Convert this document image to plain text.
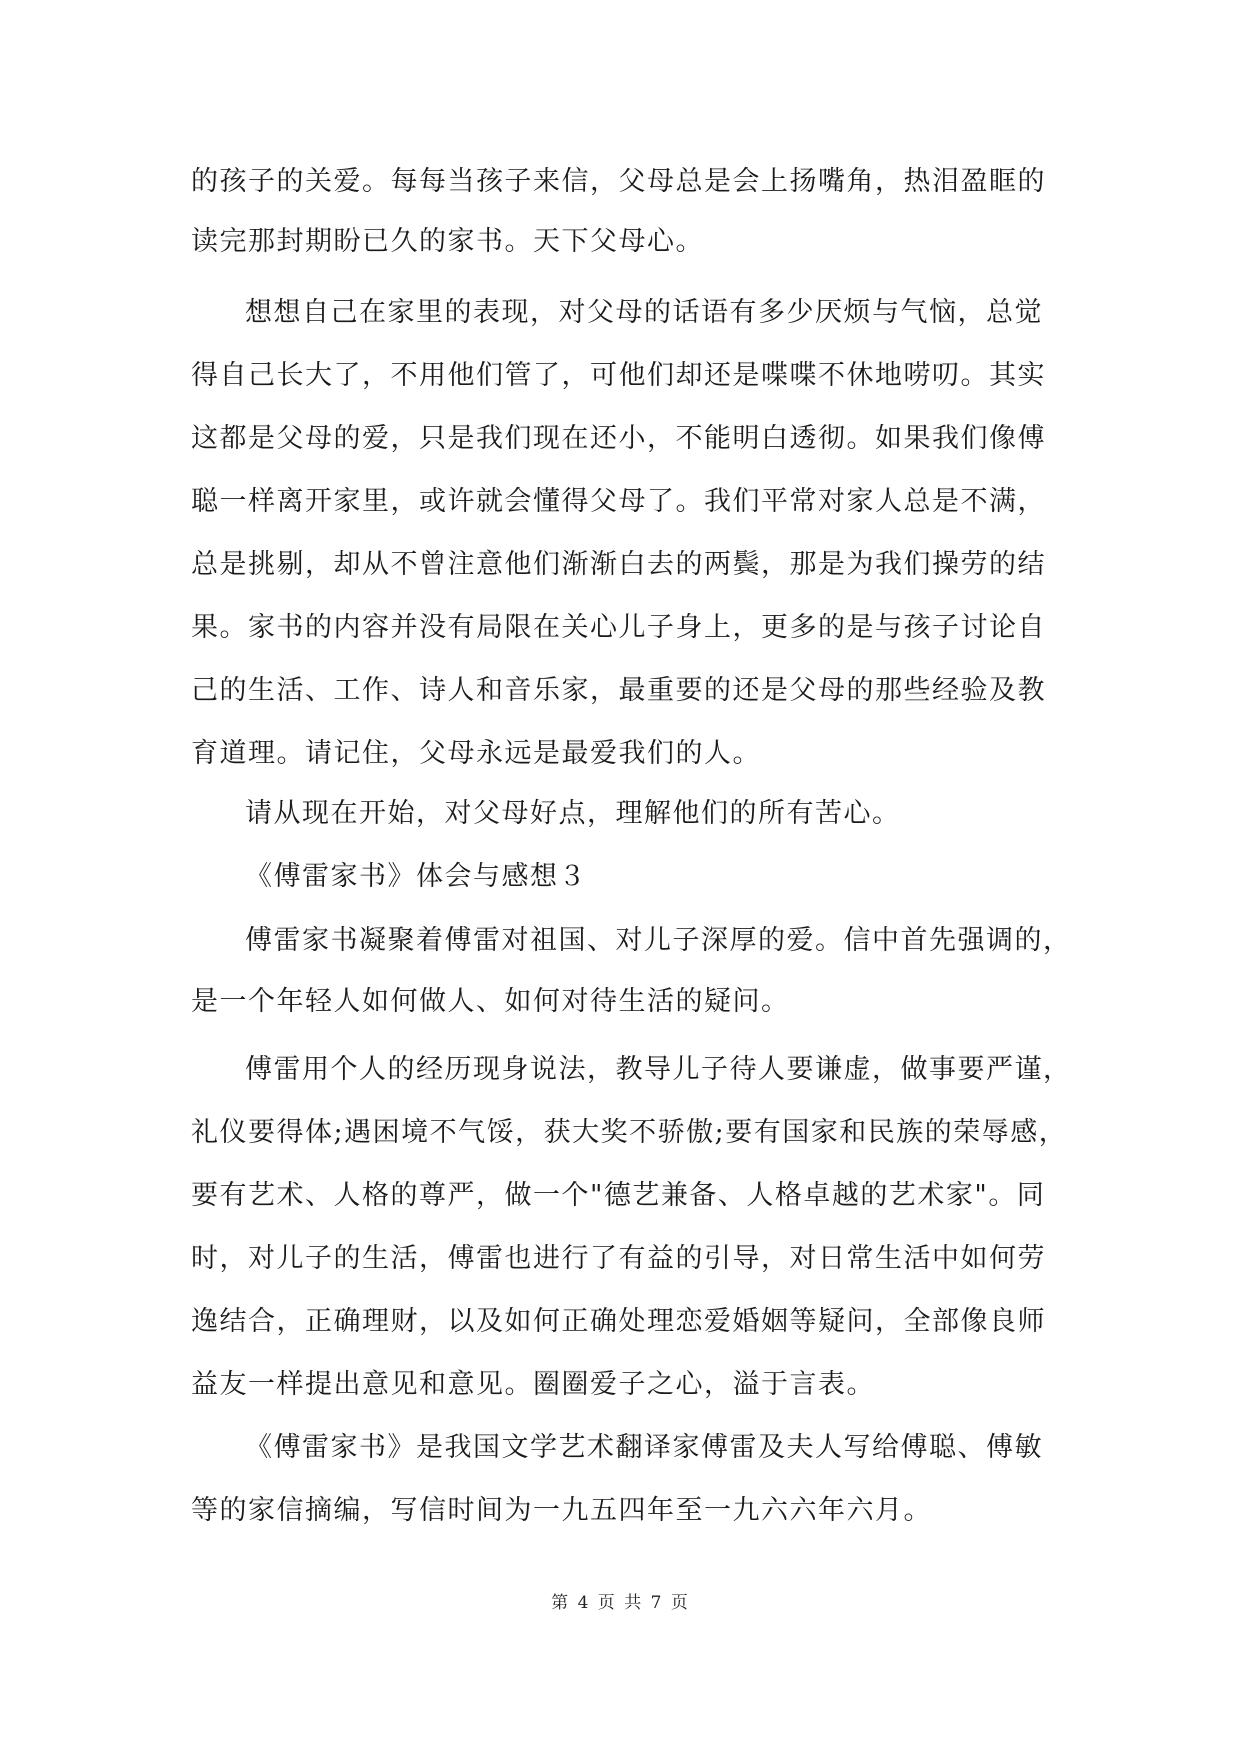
的孩子的关爱。每每当孩子来信，父母总是会上扬嘴角，热泪盈眶的
读完那封期盼已久的家书。天下父母心。
想想自己在家里的表现，对父母的话语有多少厌烦与气恼，总觉
得自己长大了，不用他们管了，可他们却还是喋喋不休地唠叨。其实
这都是父母的爱，只是我们现在还小，不能明白透彻。如果我们像傅
聪一样离开家里，或许就会懂得父母了。我们平常对家人总是不满，
总是挑剔，却从不曾注意他们渐渐白去的两鬓，那是为我们操劳的结
果。家书的内容并没有局限在关心儿子身上，更多的是与孩子讨论自
己的生活、工作、诗人和音乐家，最重要的还是父母的那些经验及教
育道理。请记住，父母永远是最爱我们的人。
请从现在开始，对父母好点，理解他们的所有苦心。
《傅雷家书》体会与感想３
傅雷家书凝聚着傅雷对祖国、对儿子深厚的爱。信中首先强调的，
是一个年轻人如何做人、如何对待生活的疑问。
傅雷用个人的经历现身说法，教导儿子待人要谦虚，做事要严谨，
礼仪要得体;遇困境不气馁，获大奖不骄傲;要有国家和民族的荣辱感，
要有艺术、人格的尊严，做一个"德艺兼备、人格卓越的艺术家"。同
时，对儿子的生活，傅雷也进行了有益的引导，对日常生活中如何劳
逸结合，正确理财，以及如何正确处理恋爱婚姻等疑问，全部像良师
益友一样提出意见和意见。圈圈爱子之心，溢于言表。
《傅雷家书》是我国文学艺术翻译家傅雷及夫人写给傅聪、傅敏
等的家信摘编，写信时间为一九五四年至一九六六年六月。
第 4 页 共 7 页
